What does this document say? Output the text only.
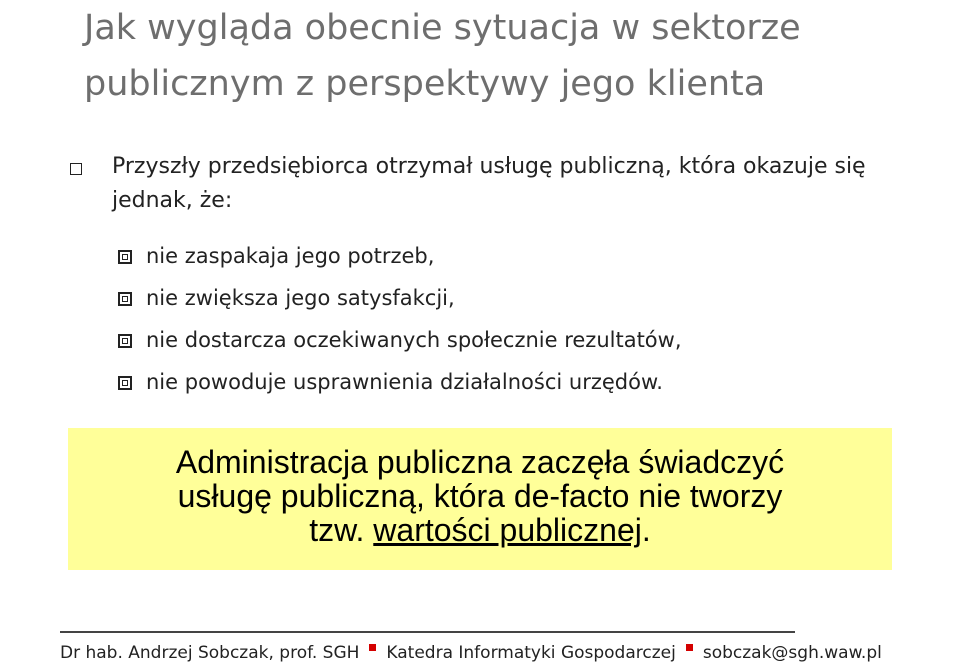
Jak wygląda obecnie sytuacja w sektorze publicznym z perspektywy jego klienta
Przyszły przedsiębiorca otrzymał usługę publiczną, która okazuje się jednak, że:
nie zaspakaja jego potrzeb,
nie zwiększa jego satysfakcji,
nie dostarcza oczekiwanych społecznie rezultatów,
nie powoduje usprawnienia działalności urzędów.
Administracja publiczna zaczęła świadczyć
usługę publiczną, która de-facto nie tworzy
tzw. wartości publicznej.
Dr hab. Andrzej Sobczak, prof. SGH Katedra Informatyki Gospodarczej sobczak@sgh.waw.pl
